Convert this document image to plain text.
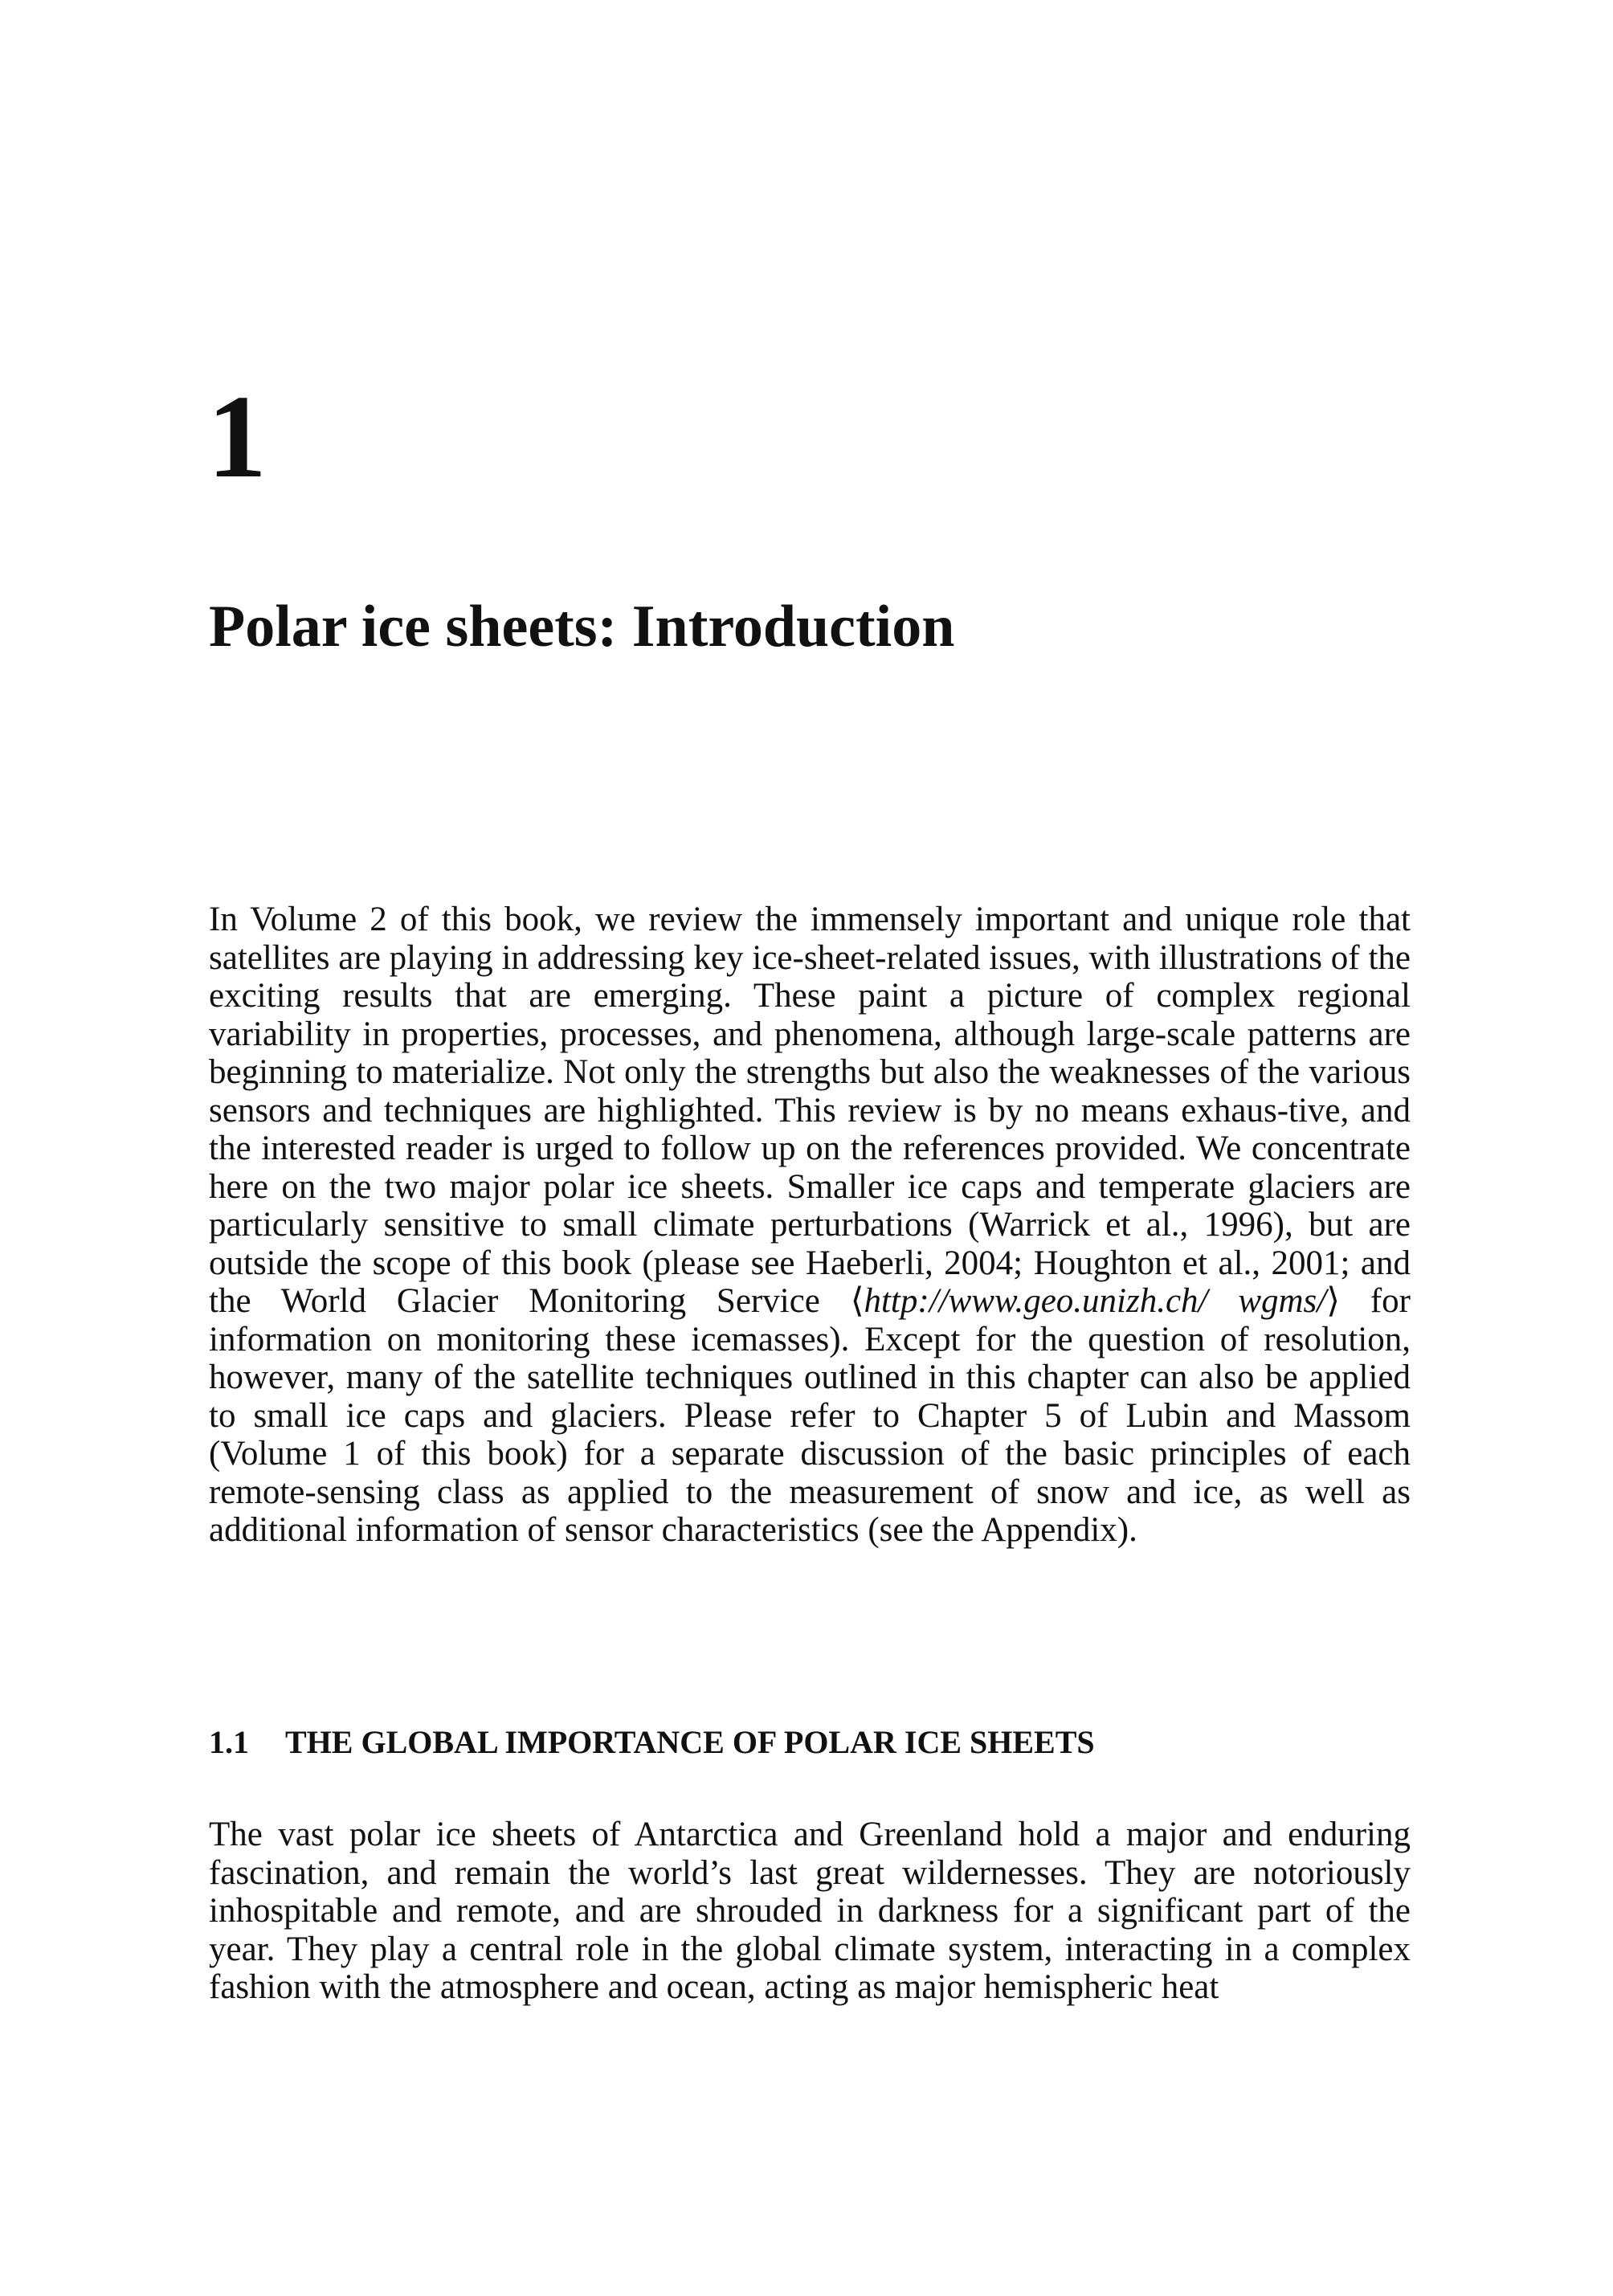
1
Polar ice sheets: Introduction

In Volume 2 of this book, we review the immensely important and unique role that satellites are playing in addressing key ice-sheet-related issues, with illustrations of the exciting results that are emerging. These paint a picture of complex regional variability in properties, processes, and phenomena, although large-scale patterns are beginning to materialize. Not only the strengths but also the weaknesses of the various sensors and techniques are highlighted. This review is by no means exhaus-tive, and the interested reader is urged to follow up on the references provided. We concentrate here on the two major polar ice sheets. Smaller ice caps and temperate glaciers are particularly sensitive to small climate perturbations (Warrick et al., 1996), but are outside the scope of this book (please see Haeberli, 2004; Houghton et al., 2001; and the World Glacier Monitoring Service ⟨http://www.geo.unizh.ch/ wgms/⟩ for information on monitoring these icemasses). Except for the question of resolution, however, many of the satellite techniques outlined in this chapter can also be applied to small ice caps and glaciers. Please refer to Chapter 5 of Lubin and Massom (Volume 1 of this book) for a separate discussion of the basic principles of each remote-sensing class as applied to the measurement of snow and ice, as well as additional information of sensor characteristics (see the Appendix).

1.1 THE GLOBAL IMPORTANCE OF POLAR ICE SHEETS

The vast polar ice sheets of Antarctica and Greenland hold a major and enduring fascination, and remain the world’s last great wildernesses. They are notoriously inhospitable and remote, and are shrouded in darkness for a significant part of the year. They play a central role in the global climate system, interacting in a complex fashion with the atmosphere and ocean, acting as major hemispheric heat
